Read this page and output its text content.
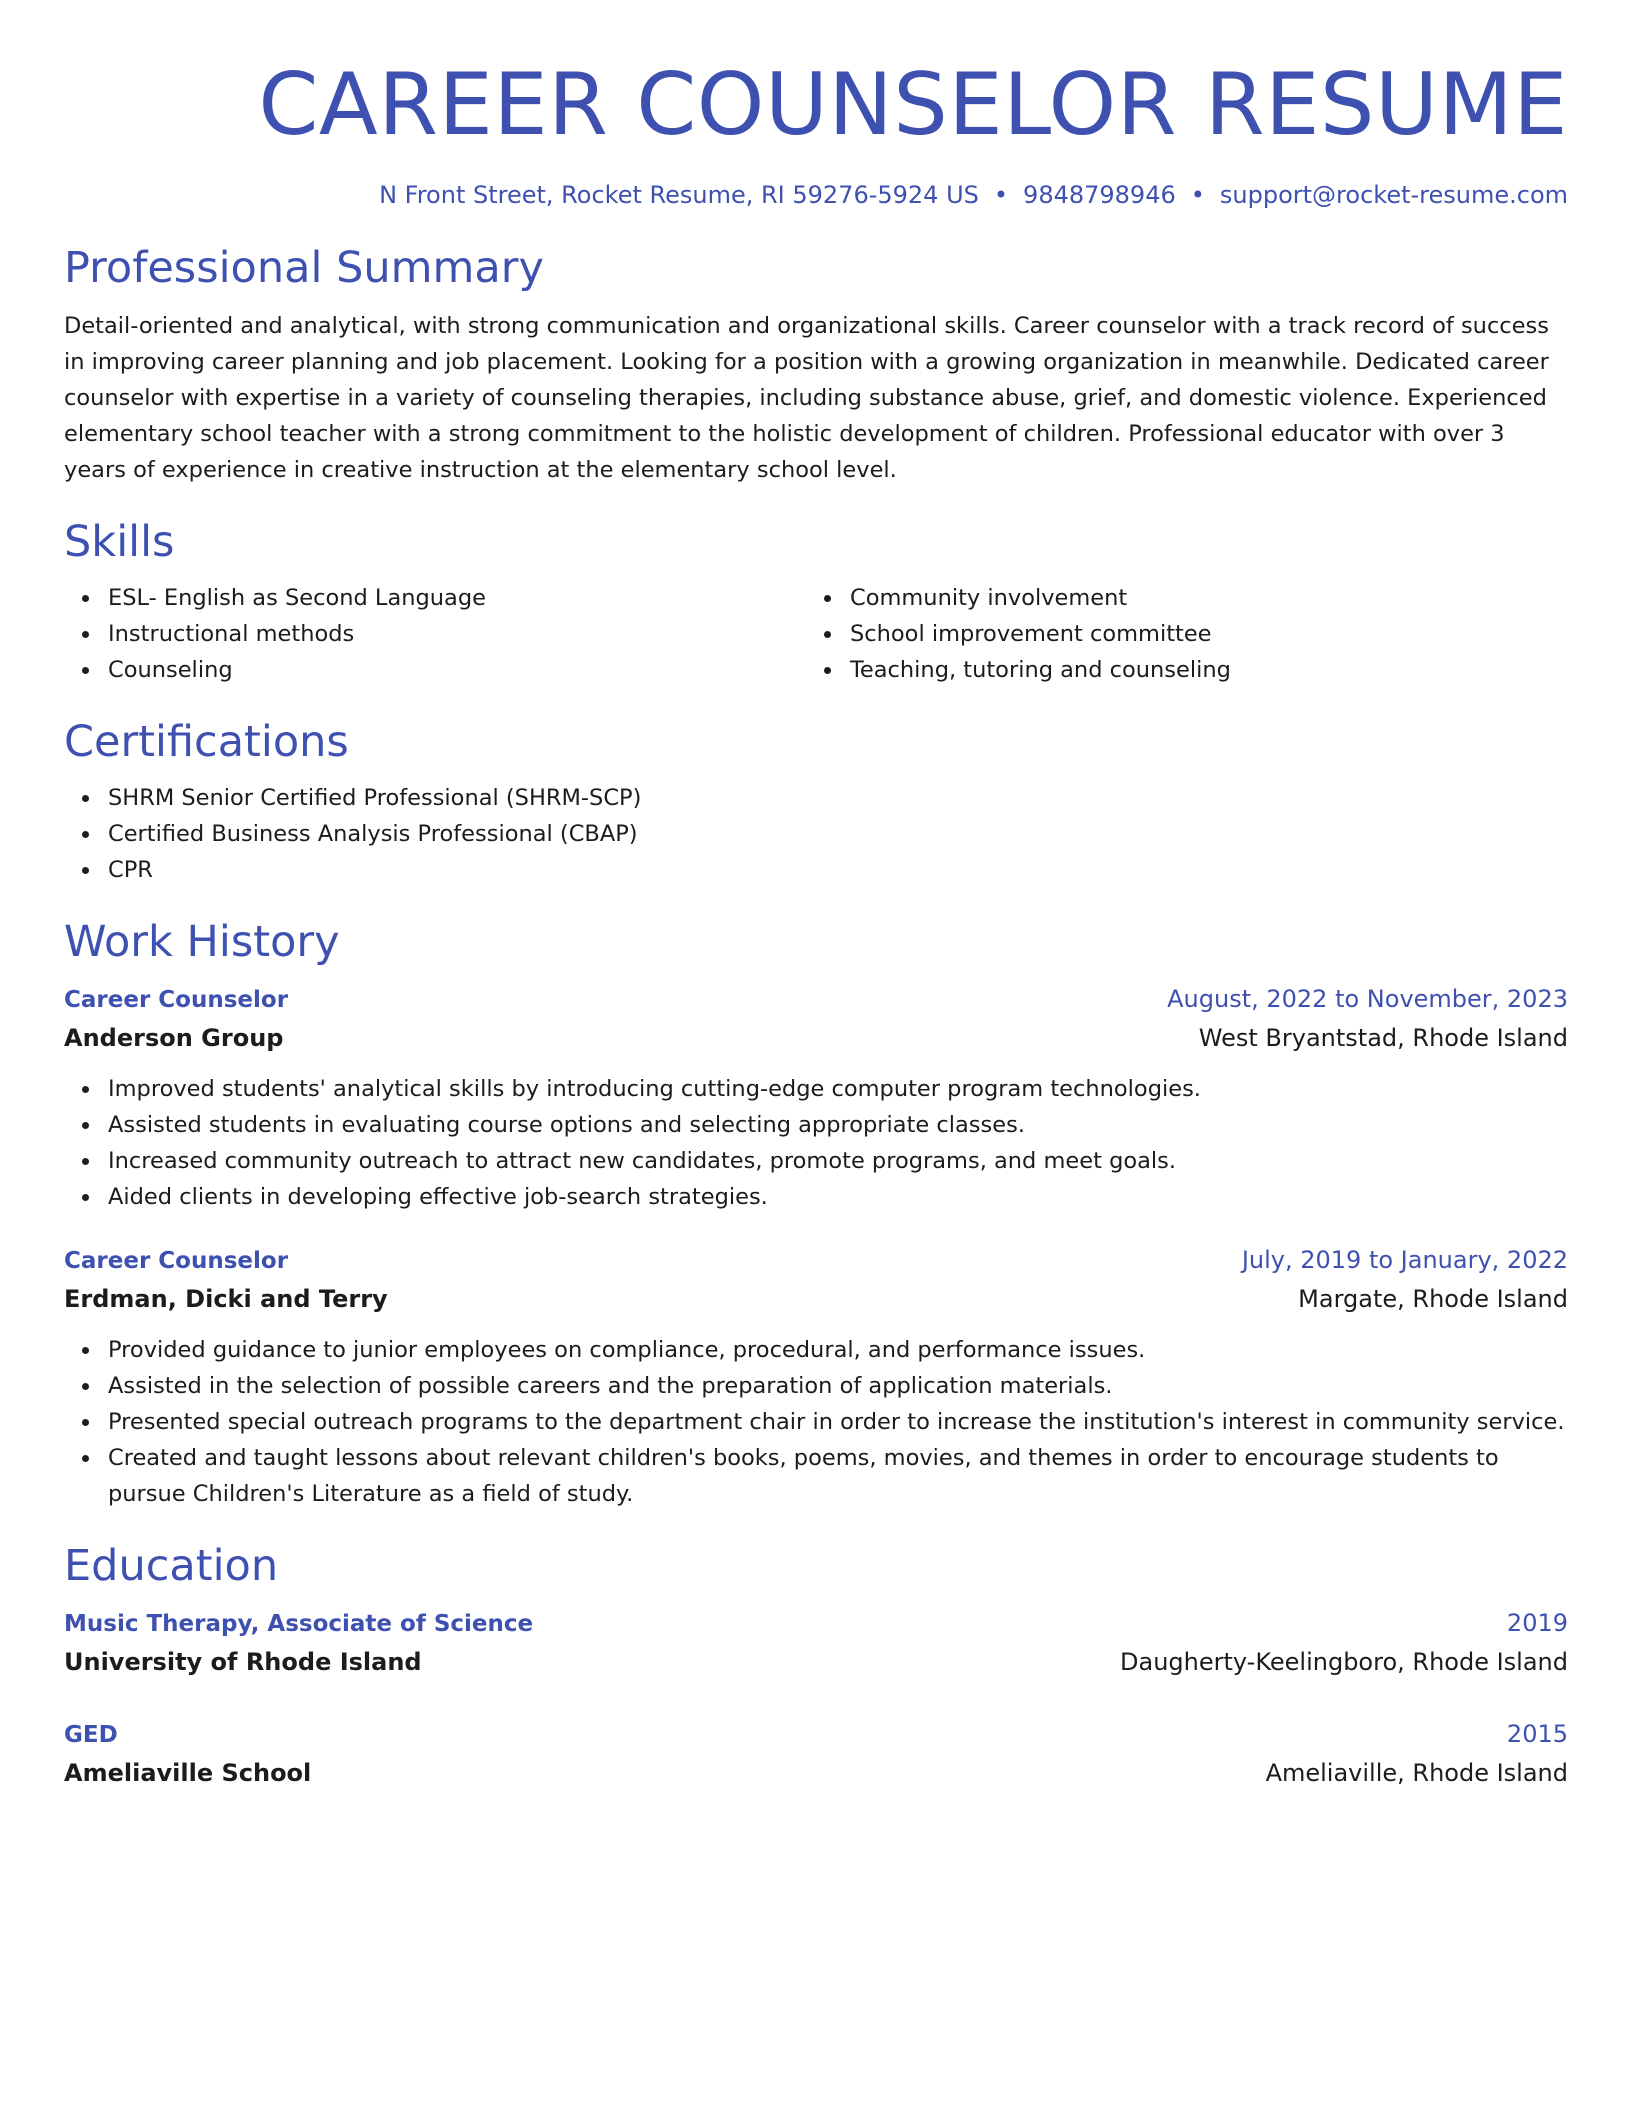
CAREER COUNSELOR RESUME
N Front Street, Rocket Resume, RI 59276-5924 US • 9848798946 • support@rocket-resume.com
Professional Summary

Detail-oriented and analytical, with strong communication and organizational skills. Career counselor with a track record of success in improving career planning and job placement. Looking for a position with a growing organization in meanwhile. Dedicated career counselor with expertise in a variety of counseling therapies, including substance abuse, grief, and domestic violence. Experienced elementary school teacher with a strong commitment to the holistic development of children. Professional educator with over 3 years of experience in creative instruction at the elementary school level.

Skills
ESL- English as Second Language
Instructional methods
Counseling
Community involvement
School improvement committee
Teaching, tutoring and counseling
Certifications
SHRM Senior Certified Professional (SHRM-SCP)
Certified Business Analysis Professional (CBAP)
CPR
Work History
Career Counselor	August, 2022 to November, 2023
Anderson Group	West Bryantstad, Rhode Island
Improved students' analytical skills by introducing cutting-edge computer program technologies.
Assisted students in evaluating course options and selecting appropriate classes.
Increased community outreach to attract new candidates, promote programs, and meet goals.
Aided clients in developing effective job-search strategies.
Career Counselor	July, 2019 to January, 2022
Erdman, Dicki and Terry	Margate, Rhode Island
Provided guidance to junior employees on compliance, procedural, and performance issues.
Assisted in the selection of possible careers and the preparation of application materials.
Presented special outreach programs to the department chair in order to increase the institution's interest in community service.
Created and taught lessons about relevant children's books, poems, movies, and themes in order to encourage students to pursue Children's Literature as a field of study.
Education
Music Therapy, Associate of Science	2019
University of Rhode Island	Daugherty-Keelingboro, Rhode Island
GED	2015
Ameliaville School	Ameliaville, Rhode Island
